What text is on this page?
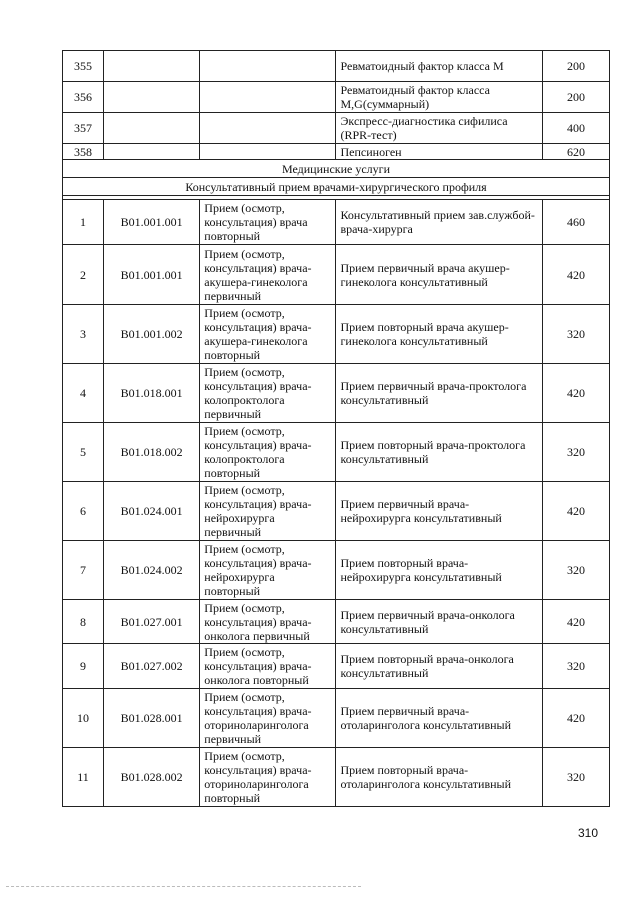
355			Ревматоидный фактор класса М	200
356			Ревматоидный фактор класса M,G(суммарный)	200
357			Экспресс-диагностика сифилиса (RPR-тест)	400
358			Пепсиноген	620
Медицинские услуги				
Консультативный прием врачами-хирургического профиля				

1	B01.001.001	Прием (осмотр, консультация) врача повторный	Консультативный прием зав.службой-врача-хирурга	460
2	B01.001.001	Прием (осмотр, консультация) врача-акушера-гинеколога первичный	Прием первичный врача акушер-гинеколога консультативный	420
3	B01.001.002	Прием (осмотр, консультация) врача-акушера-гинеколога повторный	Прием повторный врача акушер-гинеколога консультативный	320
4	B01.018.001	Прием (осмотр, консультация) врача-колопроктолога первичный	Прием первичный врача-проктолога консультативный	420
5	B01.018.002	Прием (осмотр, консультация) врача-колопроктолога повторный	Прием повторный врача-проктолога консультативный	320
6	B01.024.001	Прием (осмотр, консультация) врача-нейрохирурга первичный	Прием первичный врача-нейрохирурга консультативный	420
7	B01.024.002	Прием (осмотр, консультация) врача-нейрохирурга повторный	Прием повторный врача-нейрохирурга консультативный	320
8	B01.027.001	Прием (осмотр, консультация) врача-онколога первичный	Прием первичный врача-онколога консультативный	420
9	B01.027.002	Прием (осмотр, консультация) врача-онколога повторный	Прием повторный врача-онколога консультативный	320
10	B01.028.001	Прием (осмотр, консультация) врача-оториноларинголога первичный	Прием первичный врача-отоларинголога консультативный	420
11	B01.028.002	Прием (осмотр, консультация) врача-оториноларинголога повторный	Прием повторный врача-отоларинголога консультативный	320
310
